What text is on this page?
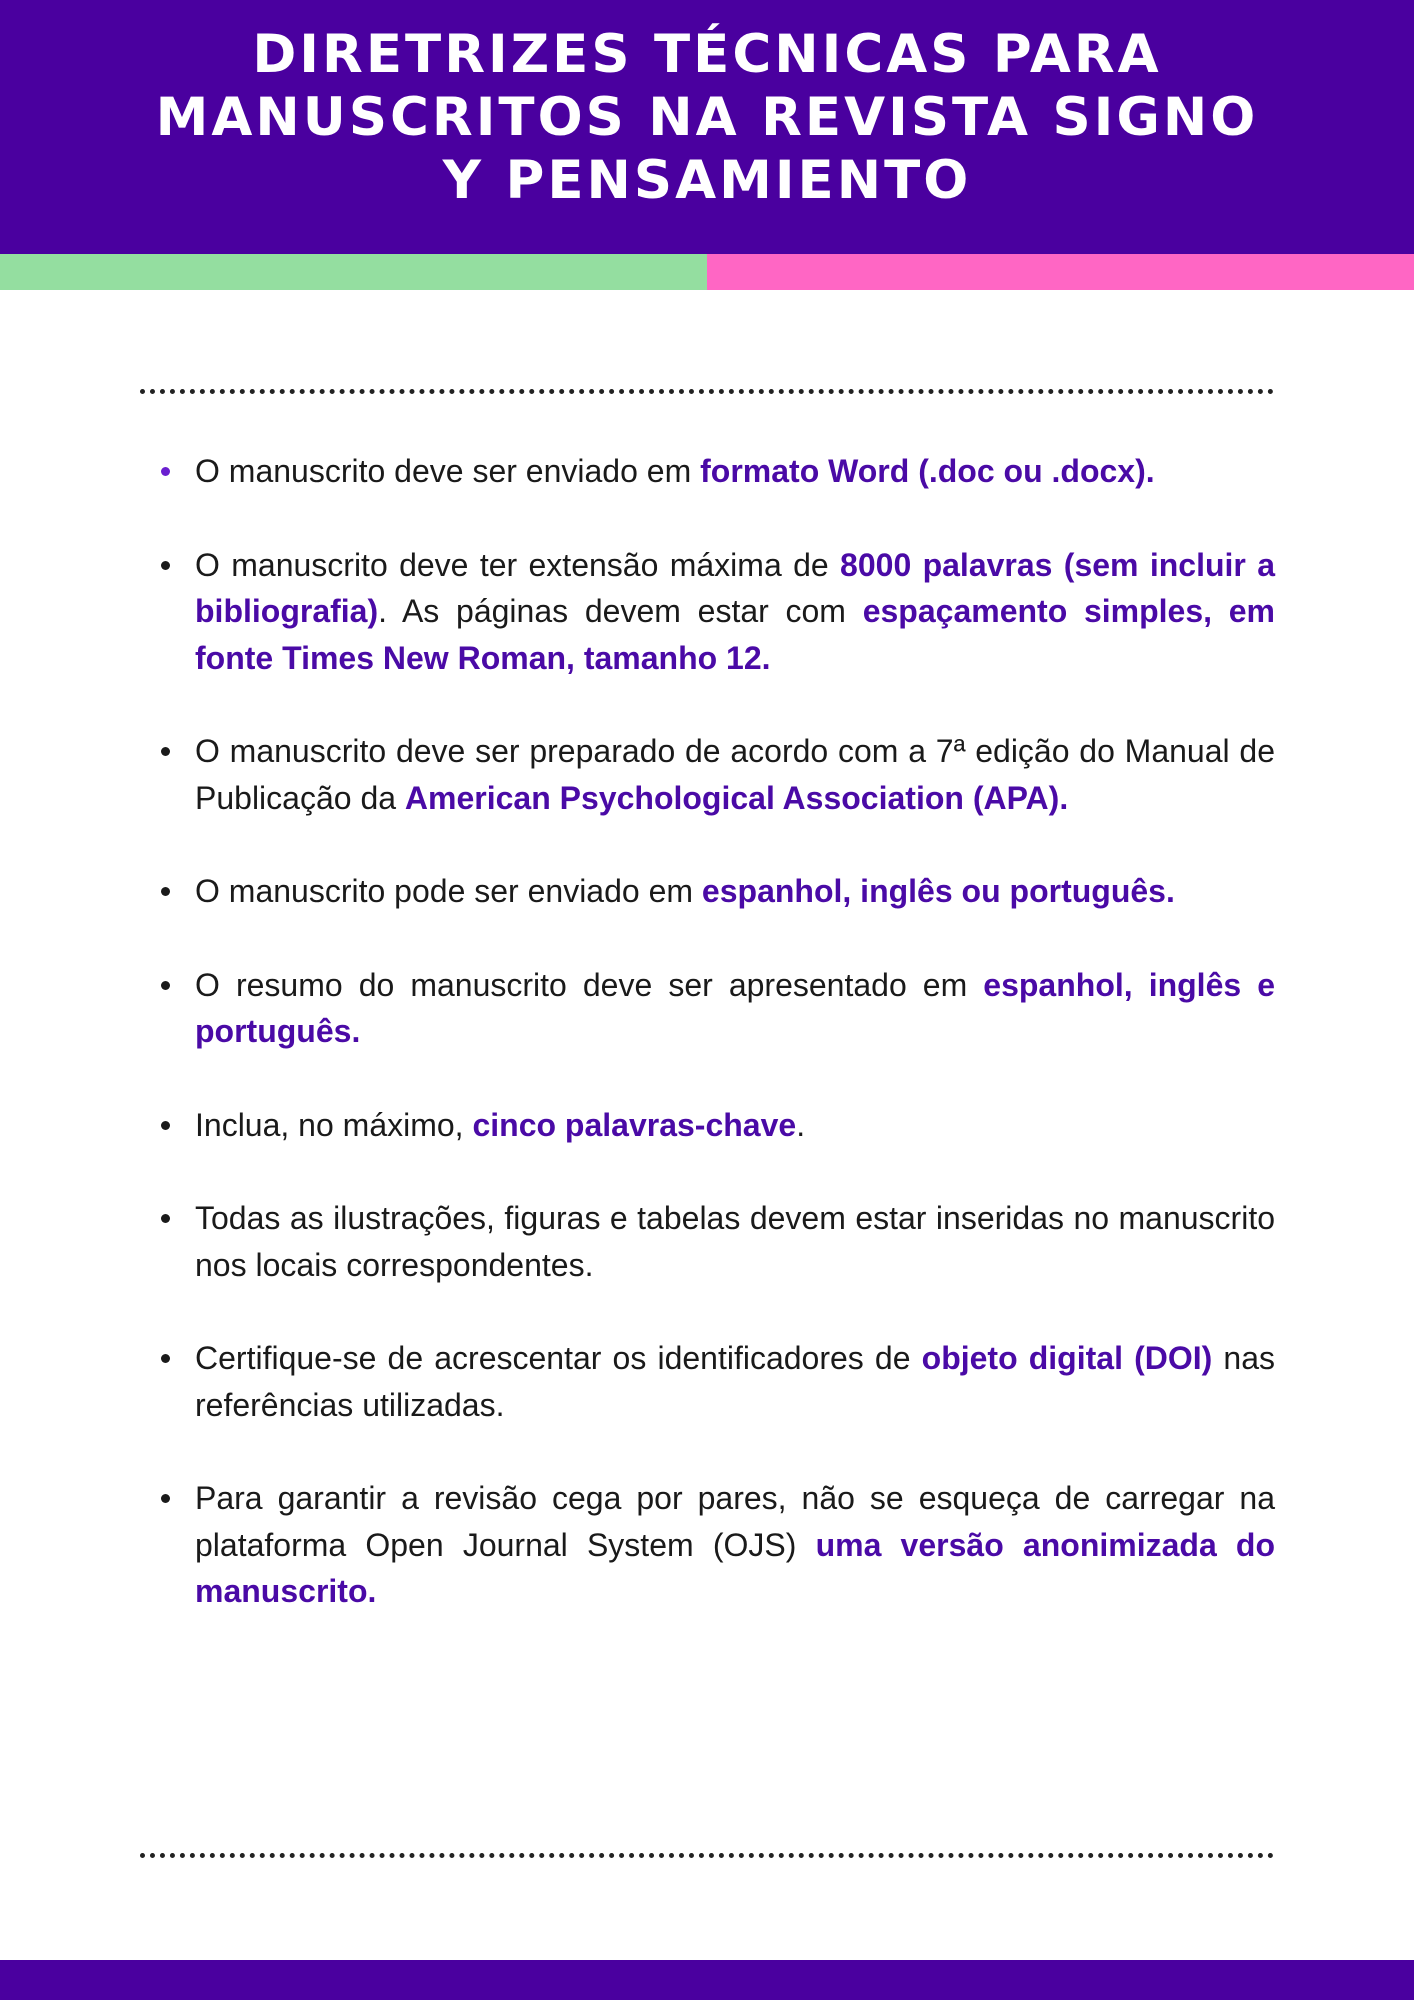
DIRETRIZES TÉCNICAS PARA MANUSCRITOS NA REVISTA SIGNO Y PENSAMIENTO
O manuscrito deve ser enviado em formato Word (.doc ou .docx).
O manuscrito deve ter extensão máxima de 8000 palavras (sem incluir a bibliografia). As páginas devem estar com espaçamento simples, em fonte Times New Roman, tamanho 12.
O manuscrito deve ser preparado de acordo com a 7ª edição do Manual de Publicação da American Psychological Association (APA).
O manuscrito pode ser enviado em espanhol, inglês ou português.
O resumo do manuscrito deve ser apresentado em espanhol, inglês e português.
Inclua, no máximo, cinco palavras-chave.
Todas as ilustrações, figuras e tabelas devem estar inseridas no manuscrito nos locais correspondentes.
Certifique-se de acrescentar os identificadores de objeto digital (DOI) nas referências utilizadas.
Para garantir a revisão cega por pares, não se esqueça de carregar na plataforma Open Journal System (OJS) uma versão anonimizada do manuscrito.
